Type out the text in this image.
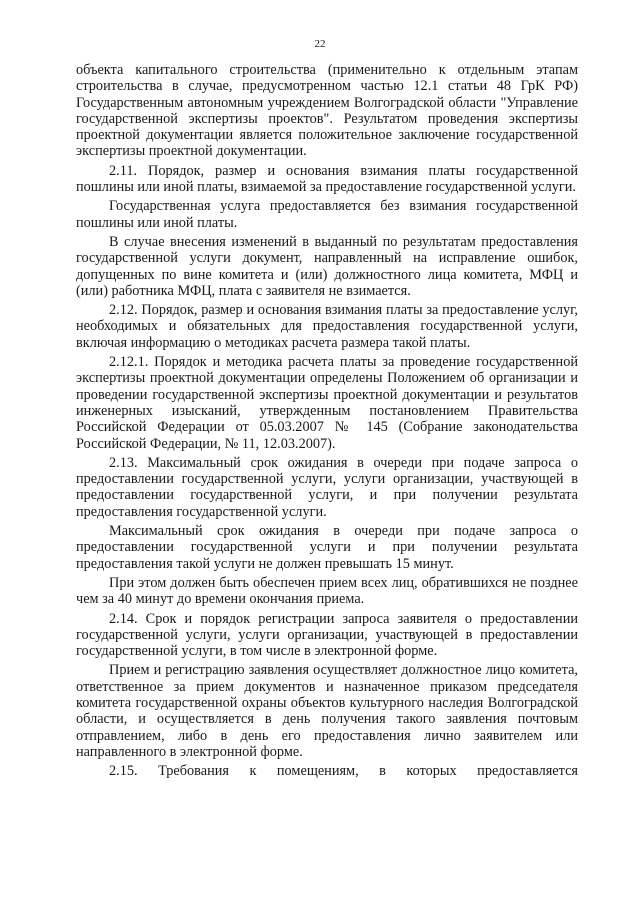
22

объекта капитального строительства (применительно к отдельным этапам строительства в случае, предусмотренном частью 12.1 статьи 48 ГрК РФ) Государственным автономным учреждением Волгоградской области "Управление государственной экспертизы проектов". Результатом проведения экспертизы проектной документации является положительное заключение государственной экспертизы проектной документации.

2.11. Порядок, размер и основания взимания платы государственной пошлины или иной платы, взимаемой за предоставление государственной услуги.

Государственная услуга предоставляется без взимания государственной пошлины или иной платы.

В случае внесения изменений в выданный по результатам предоставления государственной услуги документ, направленный на исправление ошибок, допущенных по вине комитета и (или) должностного лица комитета, МФЦ и (или) работника МФЦ, плата с заявителя не взимается.

2.12. Порядок, размер и основания взимания платы за предоставление услуг, необходимых и обязательных для предоставления государственной услуги, включая информацию о методиках расчета размера такой платы.

2.12.1. Порядок и методика расчета платы за проведение государственной экспертизы проектной документации определены Положением об организации и проведении государственной экспертизы проектной документации и результатов инженерных изысканий, утвержденным постановлением Правительства Российской Федерации от 05.03.2007 № 145 (Собрание законодательства Российской Федерации, № 11, 12.03.2007).

2.13. Максимальный срок ожидания в очереди при подаче запроса о предоставлении государственной услуги, услуги организации, участвующей в предоставлении государственной услуги, и при получении результата предоставления государственной услуги.

Максимальный срок ожидания в очереди при подаче запроса о предоставлении государственной услуги и при получении результата предоставления такой услуги не должен превышать 15 минут.

При этом должен быть обеспечен прием всех лиц, обратившихся не позднее чем за 40 минут до времени окончания приема.

2.14. Срок и порядок регистрации запроса заявителя о предоставлении государственной услуги, услуги организации, участвующей в предоставлении государственной услуги, в том числе в электронной форме.

Прием и регистрацию заявления осуществляет должностное лицо комитета, ответственное за прием документов и назначенное приказом председателя комитета государственной охраны объектов культурного наследия Волгоградской области, и осуществляется в день получения такого заявления почтовым отправлением, либо в день его предоставления лично заявителем или направленного в электронной форме.

2.15. Требования к помещениям, в которых предоставляется
